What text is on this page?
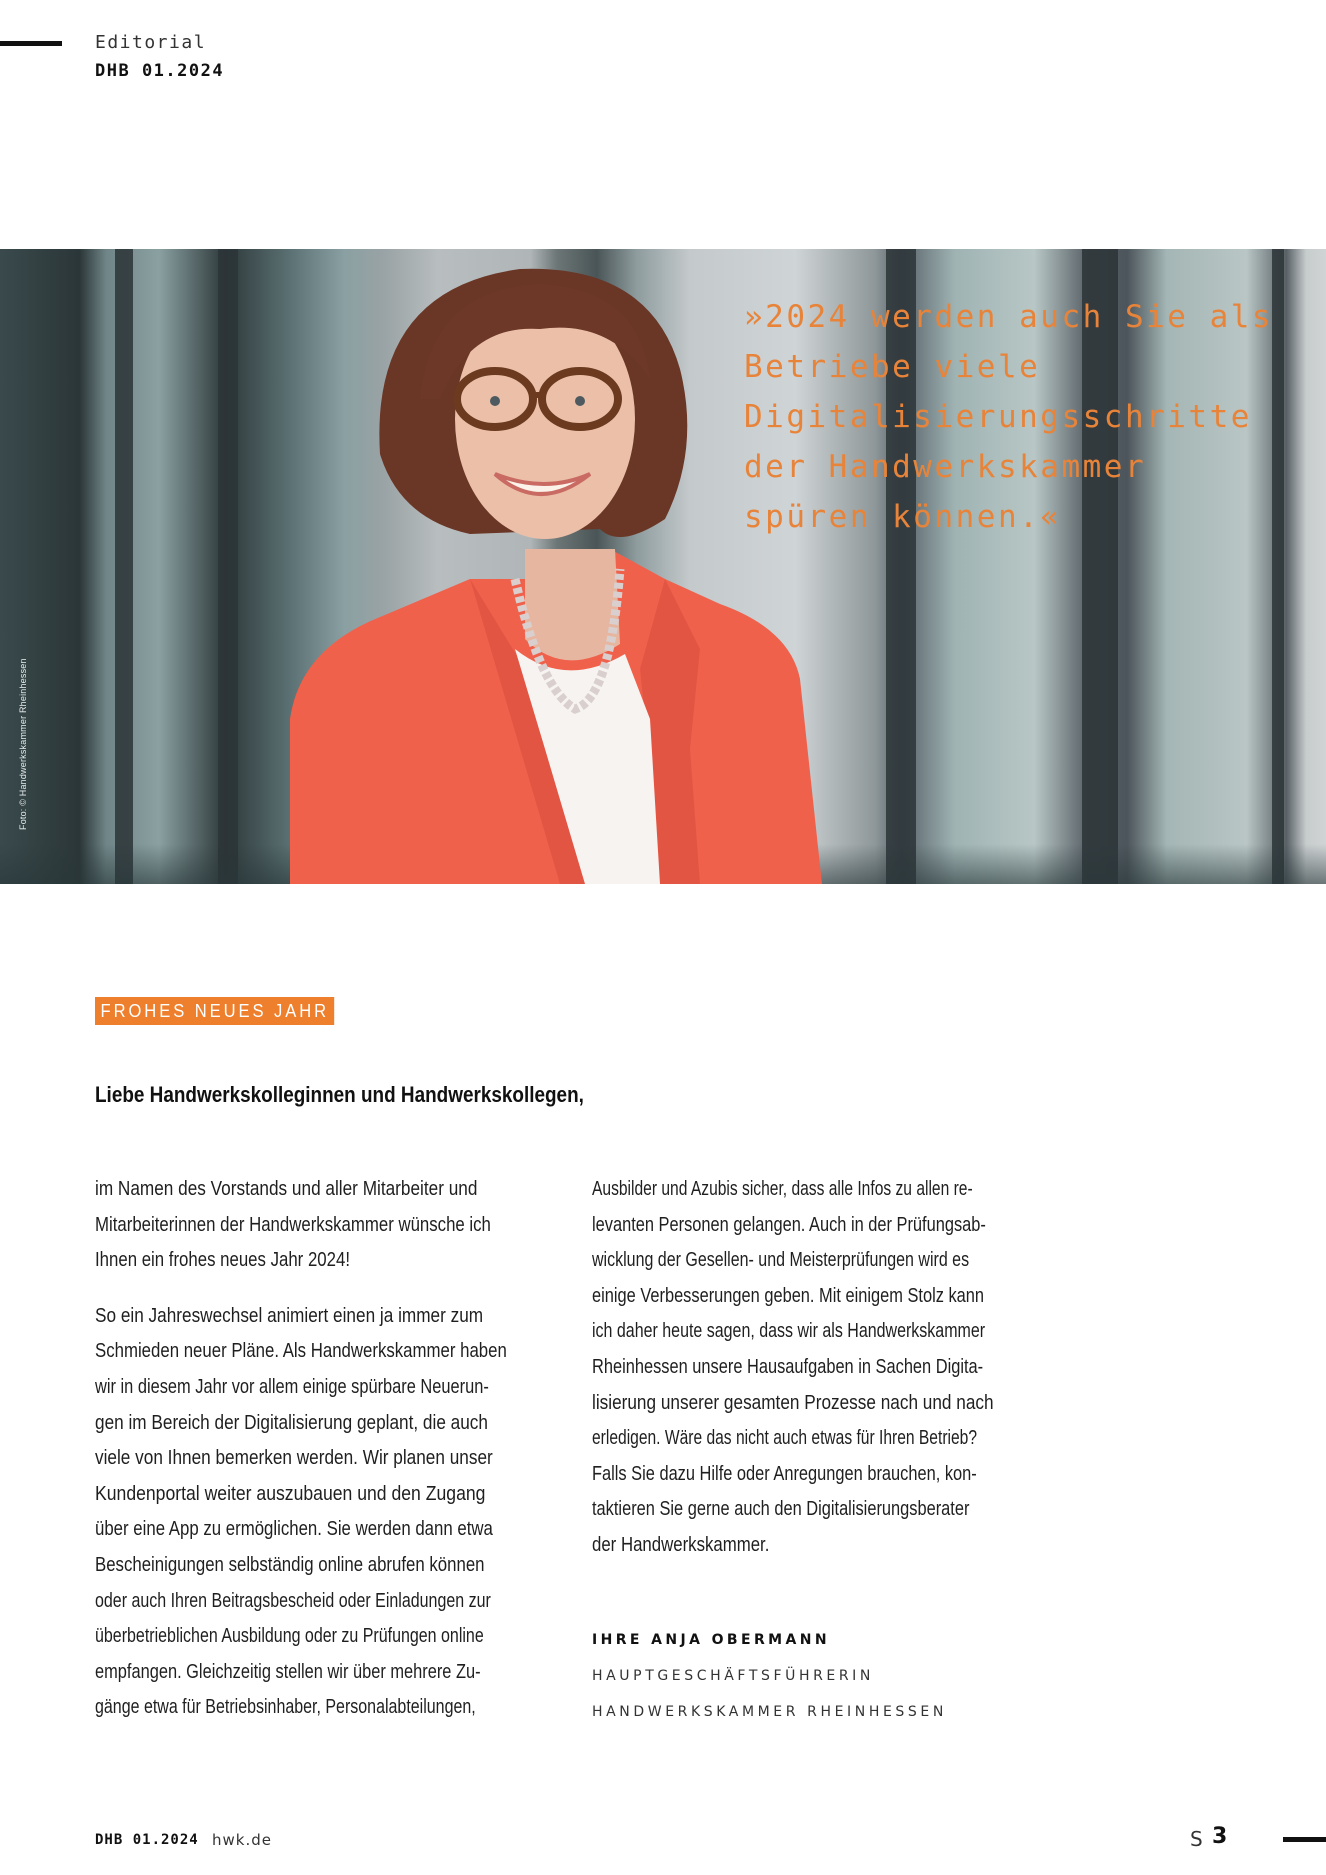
Editorial
DHB 01.2024
»2024 werden auch Sie als
Betriebe viele
Digitalisierungsschritte
der Handwerkskammer
spüren können.«
Foto: © Handwerkskammer Rheinhessen
FROHES NEUES JAHR
Liebe Handwerkskolleginnen und Handwerkskollegen,
im Namen des Vorstands und aller Mitarbeiter und
Mitarbeiterinnen der Handwerkskammer wünsche ich
Ihnen ein frohes neues Jahr 2024!
So ein Jahreswechsel animiert einen ja immer zum
Schmieden neuer Pläne. Als Handwerkskammer haben
wir in diesem Jahr vor allem einige spürbare Neuerun-
gen im Bereich der Digitalisierung geplant, die auch
viele von Ihnen bemerken werden. Wir planen unser
Kundenportal weiter auszubauen und den Zugang
über eine App zu ermöglichen. Sie werden dann etwa
Bescheinigungen selbständig online abrufen können
oder auch Ihren Beitragsbescheid oder Einladungen zur
überbetrieblichen Ausbildung oder zu Prüfungen online
empfangen. Gleichzeitig stellen wir über mehrere Zu-
gänge etwa für Betriebsinhaber, Personalabteilungen,
Ausbilder und Azubis sicher, dass alle Infos zu allen re-
levanten Personen gelangen. Auch in der Prüfungsab-
wicklung der Gesellen- und Meisterprüfungen wird es
einige Verbesserungen geben. Mit einigem Stolz kann
ich daher heute sagen, dass wir als Handwerkskammer
Rheinhessen unsere Hausaufgaben in Sachen Digita-
lisierung unserer gesamten Prozesse nach und nach
erledigen. Wäre das nicht auch etwas für Ihren Betrieb?
Falls Sie dazu Hilfe oder Anregungen brauchen, kon-
taktieren Sie gerne auch den Digitalisierungsberater
der Handwerkskammer.
IHRE ANJA OBERMANN
HAUPTGESCHÄFTSFÜHRERIN
HANDWERKSKAMMER RHEINHESSEN
DHB 01.2024 hwk.de	S 3
